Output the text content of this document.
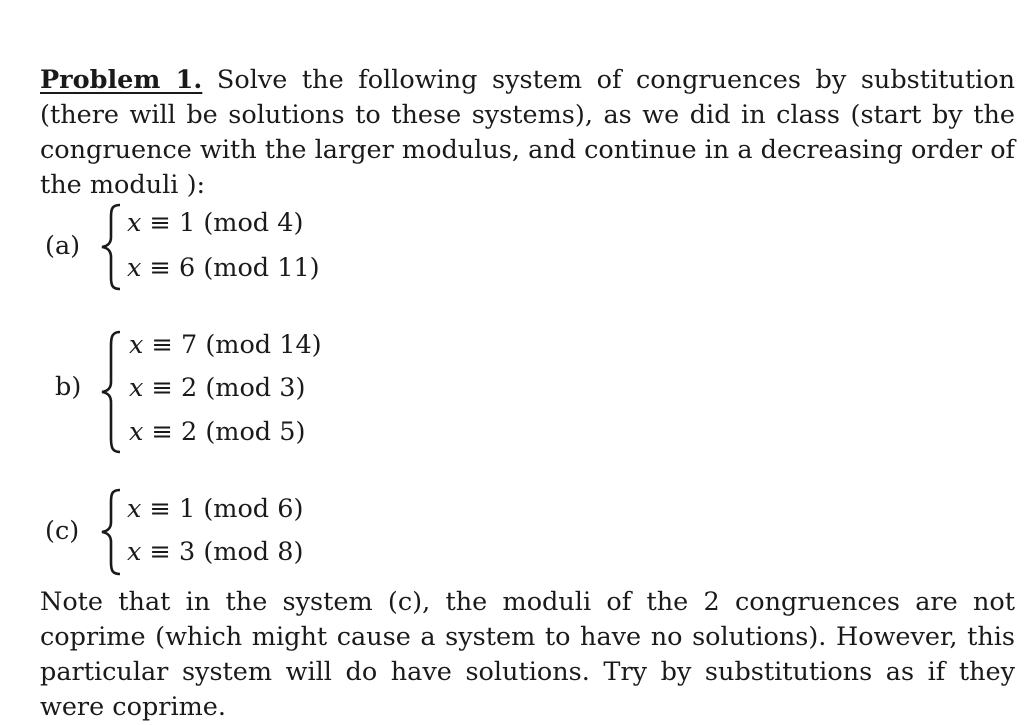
Problem 1. Solve the following system of congruences by substitution (there will be solutions to these systems), as we did in class (start by the congruence with the larger modulus, and continue in a decreasing order of the moduli ):
(a)
x ≡ 1 (mod 4)
x ≡ 6 (mod 11)
b)
x ≡ 7 (mod 14)
x ≡ 2 (mod 3)
x ≡ 2 (mod 5)
(c)
x ≡ 1 (mod 6)
x ≡ 3 (mod 8)
Note that in the system (c), the moduli of the 2 congruences are not coprime (which might cause a system to have no solutions). However, this particular system will do have solutions. Try by substitutions as if they were coprime.
